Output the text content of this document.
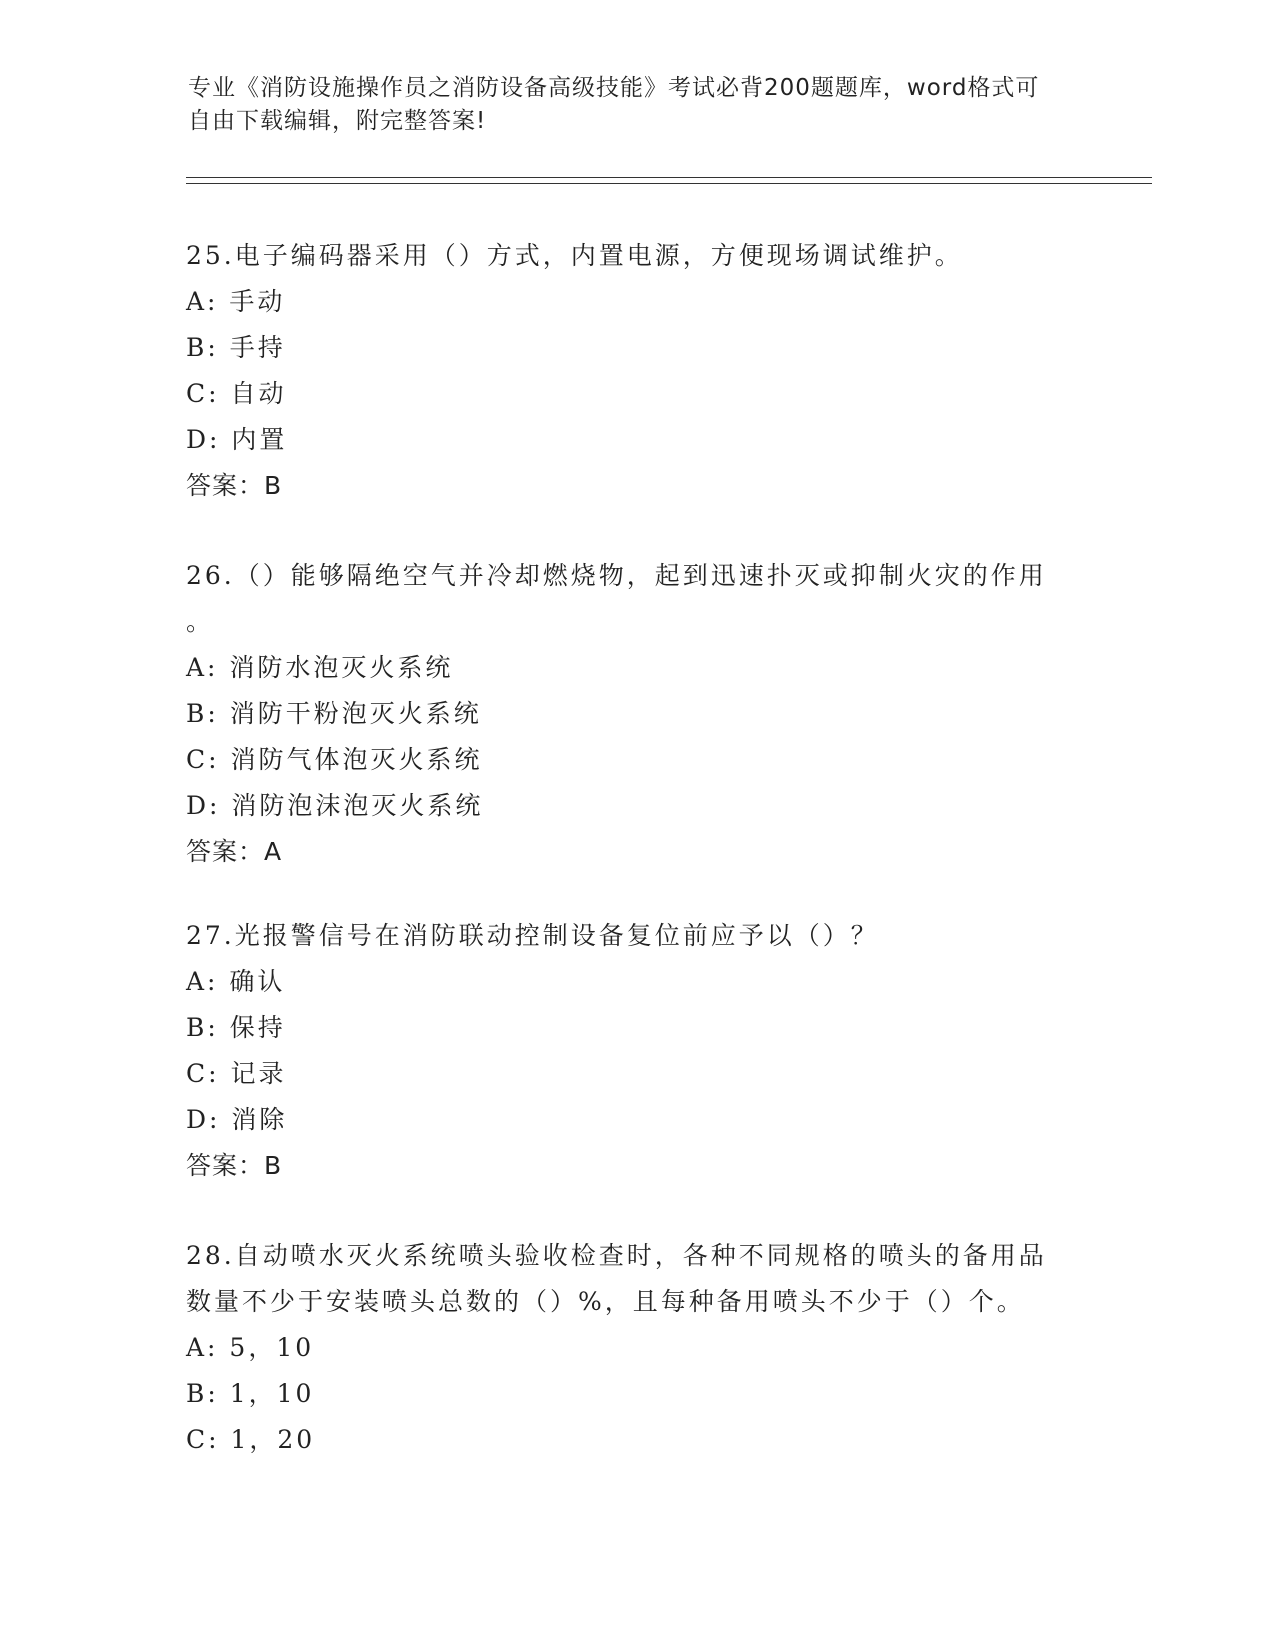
专业《消防设施操作员之消防设备高级技能》考试必背200题题库，word格式可
自由下载编辑，附完整答案!

25.电子编码器采用（）方式，内置电源，方便现场调试维护。

A: 手动

B: 手持

C: 自动

D: 内置

答案：B

26.（）能够隔绝空气并冷却燃烧物，起到迅速扑灭或抑制火灾的作用

。

A: 消防水泡灭火系统

B: 消防干粉泡灭火系统

C: 消防气体泡灭火系统

D: 消防泡沫泡灭火系统

答案：A

27.光报警信号在消防联动控制设备复位前应予以（）？

A: 确认

B: 保持

C: 记录

D: 消除

答案：B

28.自动喷水灭火系统喷头验收检查时，各种不同规格的喷头的备用品

数量不少于安装喷头总数的（）%，且每种备用喷头不少于（）个。

A: 5，10

B: 1，10

C: 1，20
